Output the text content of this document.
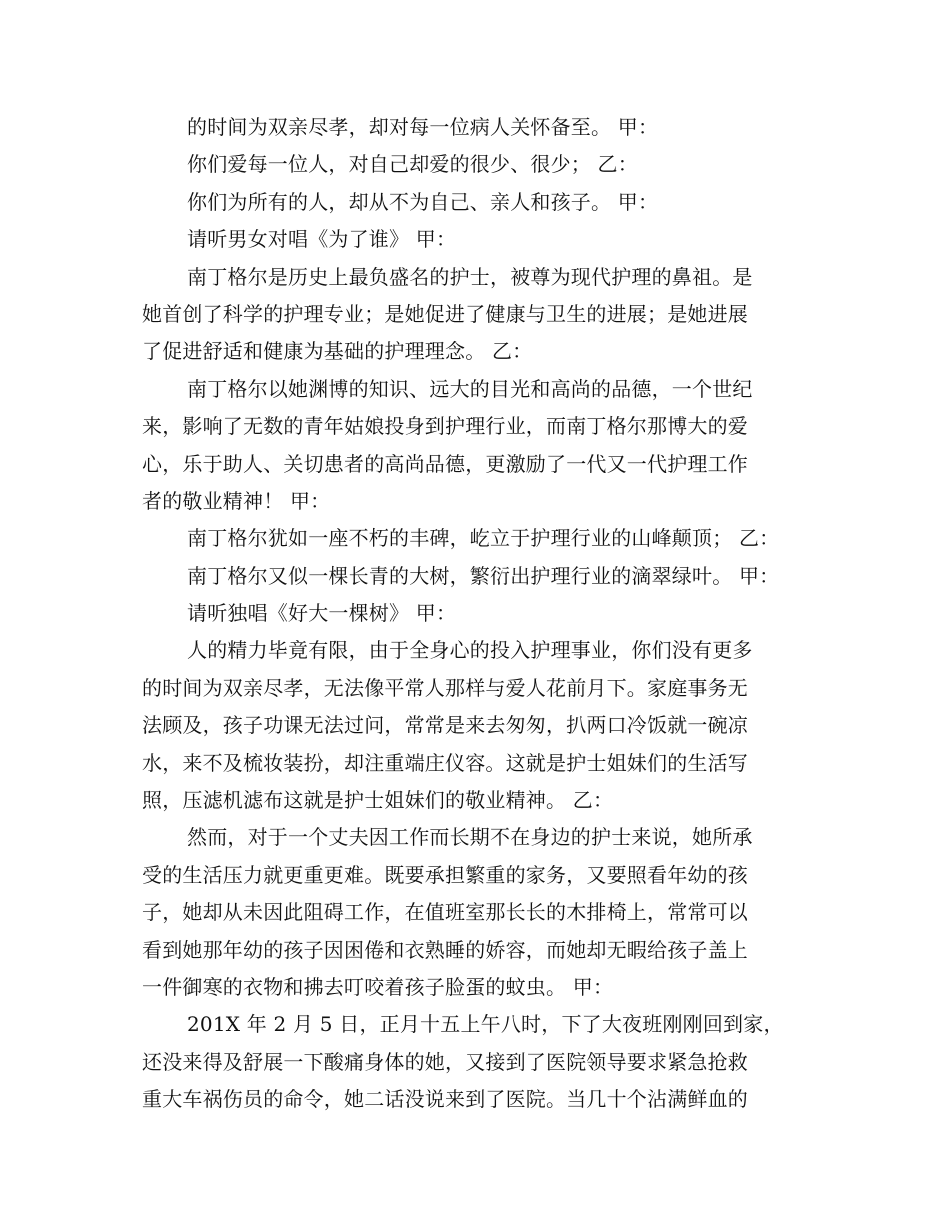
的时间为双亲尽孝，却对每一位病人关怀备至。 甲：
你们爱每一位人，对自己却爱的很少、很少； 乙：
你们为所有的人，却从不为自己、亲人和孩子。 甲：
请听男女对唱《为了谁》 甲：
南丁格尔是历史上最负盛名的护士，被尊为现代护理的鼻祖。是
她首创了科学的护理专业；是她促进了健康与卫生的进展；是她进展
了促进舒适和健康为基础的护理理念。 乙：
南丁格尔以她渊博的知识、远大的目光和高尚的品德，一个世纪
来，影响了无数的青年姑娘投身到护理行业，而南丁格尔那博大的爱
心，乐于助人、关切患者的高尚品德，更激励了一代又一代护理工作
者的敬业精神！ 甲：
南丁格尔犹如一座不朽的丰碑，屹立于护理行业的山峰颠顶； 乙：
南丁格尔又似一棵长青的大树，繁衍出护理行业的滴翠绿叶。 甲：
请听独唱《好大一棵树》 甲：
人的精力毕竟有限，由于全身心的投入护理事业，你们没有更多
的时间为双亲尽孝，无法像平常人那样与爱人花前月下。家庭事务无
法顾及，孩子功课无法过问，常常是来去匆匆，扒两口冷饭就一碗凉
水，来不及梳妆装扮，却注重端庄仪容。这就是护士姐妹们的生活写
照，压滤机滤布这就是护士姐妹们的敬业精神。 乙：
然而，对于一个丈夫因工作而长期不在身边的护士来说，她所承
受的生活压力就更重更难。既要承担繁重的家务，又要照看年幼的孩
子，她却从未因此阻碍工作，在值班室那长长的木排椅上，常常可以
看到她那年幼的孩子因困倦和衣熟睡的娇容，而她却无暇给孩子盖上
一件御寒的衣物和拂去叮咬着孩子脸蛋的蚊虫。 甲：
201X 年 2 月 5 日，正月十五上午八时，下了大夜班刚刚回到家，
还没来得及舒展一下酸痛身体的她，又接到了医院领导要求紧急抢救
重大车祸伤员的命令，她二话没说来到了医院。当几十个沾满鲜血的
